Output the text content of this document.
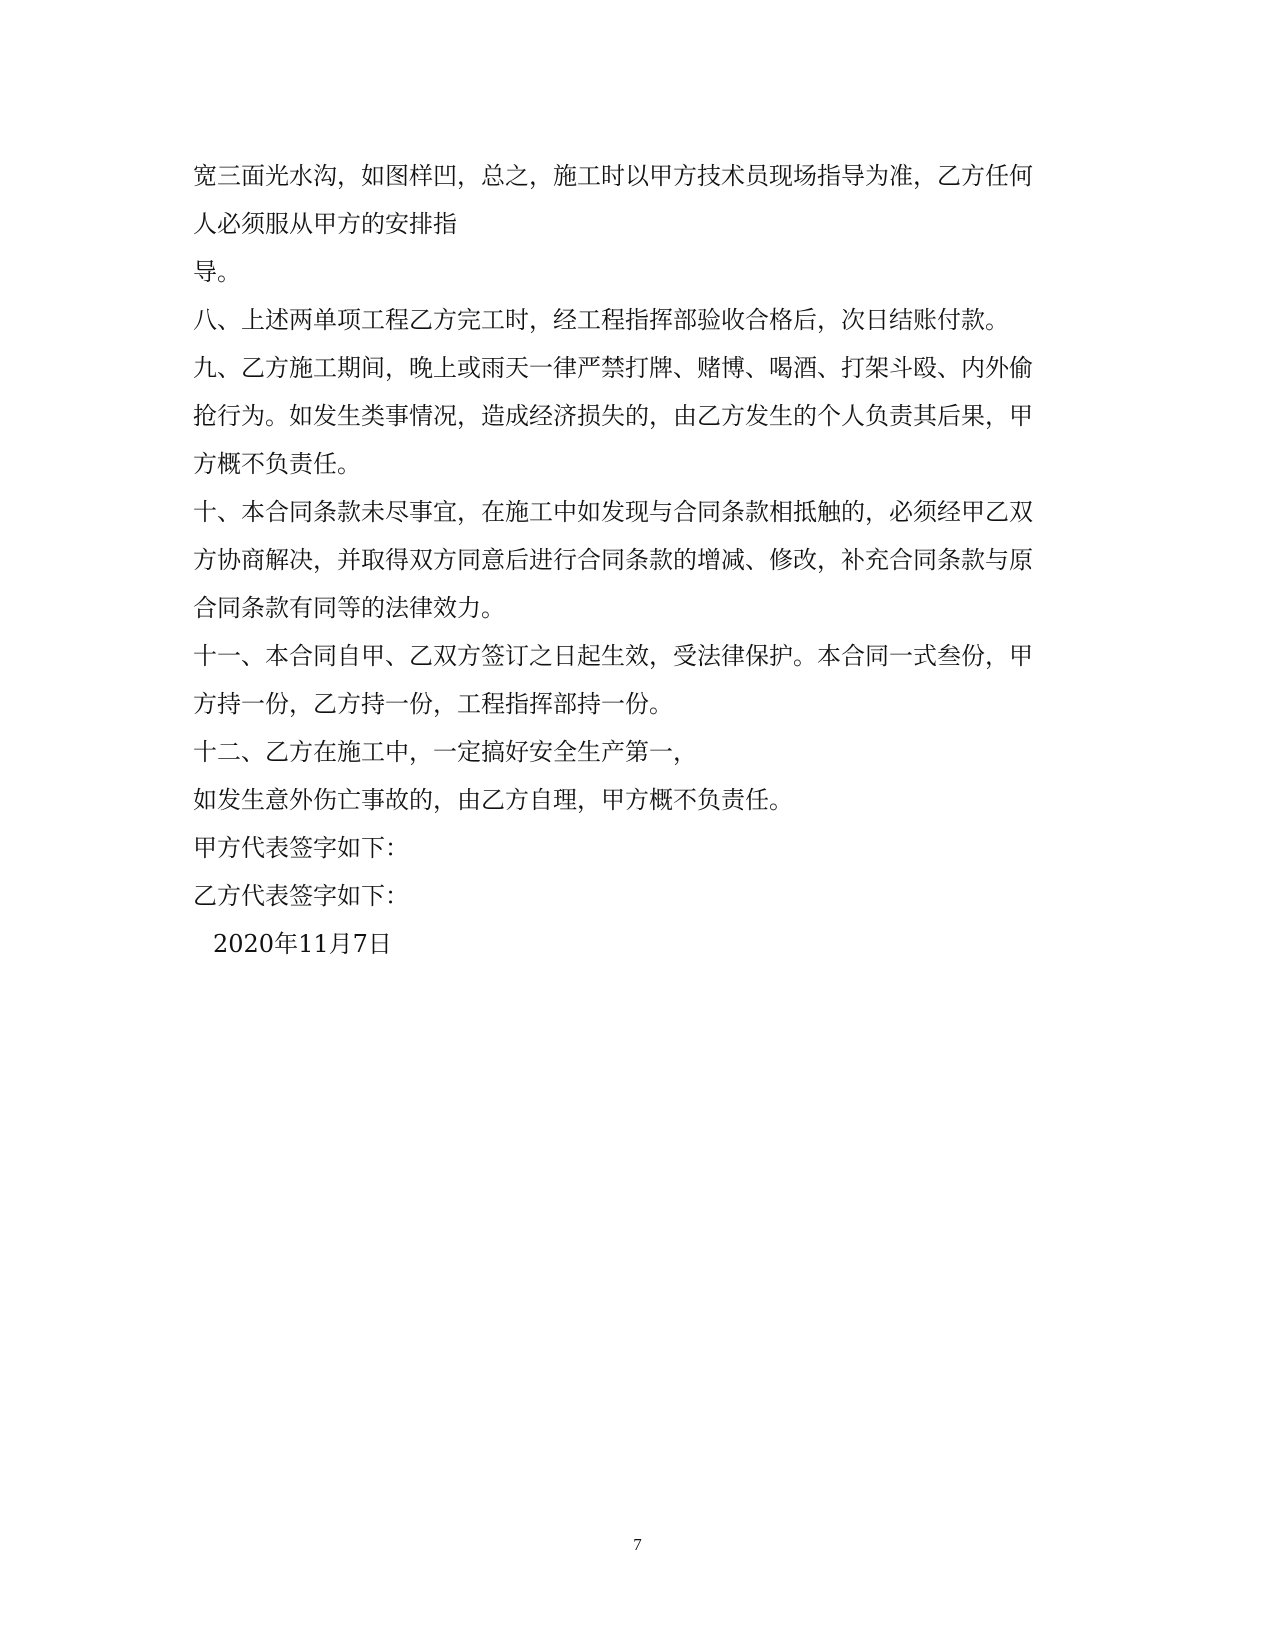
宽三面光水沟，如图样凹，总之，施工时以甲方技术员现场指导为准，乙方任何
人必须服从甲方的安排指
导。
八、上述两单项工程乙方完工时，经工程指挥部验收合格后，次日结账付款。
九、乙方施工期间，晚上或雨天一律严禁打牌、赌博、喝酒、打架斗殴、内外偷
抢行为。如发生类事情况，造成经济损失的，由乙方发生的个人负责其后果，甲
方概不负责任。
十、本合同条款未尽事宜，在施工中如发现与合同条款相抵触的，必须经甲乙双
方协商解决，并取得双方同意后进行合同条款的增减、修改，补充合同条款与原
合同条款有同等的法律效力。
十一、本合同自甲、乙双方签订之日起生效，受法律保护。本合同一式叁份，甲
方持一份，乙方持一份，工程指挥部持一份。
十二、乙方在施工中，一定搞好安全生产第一，
如发生意外伤亡事故的，由乙方自理，甲方概不负责任。
甲方代表签字如下：
乙方代表签字如下：
2020年11月7日
7
